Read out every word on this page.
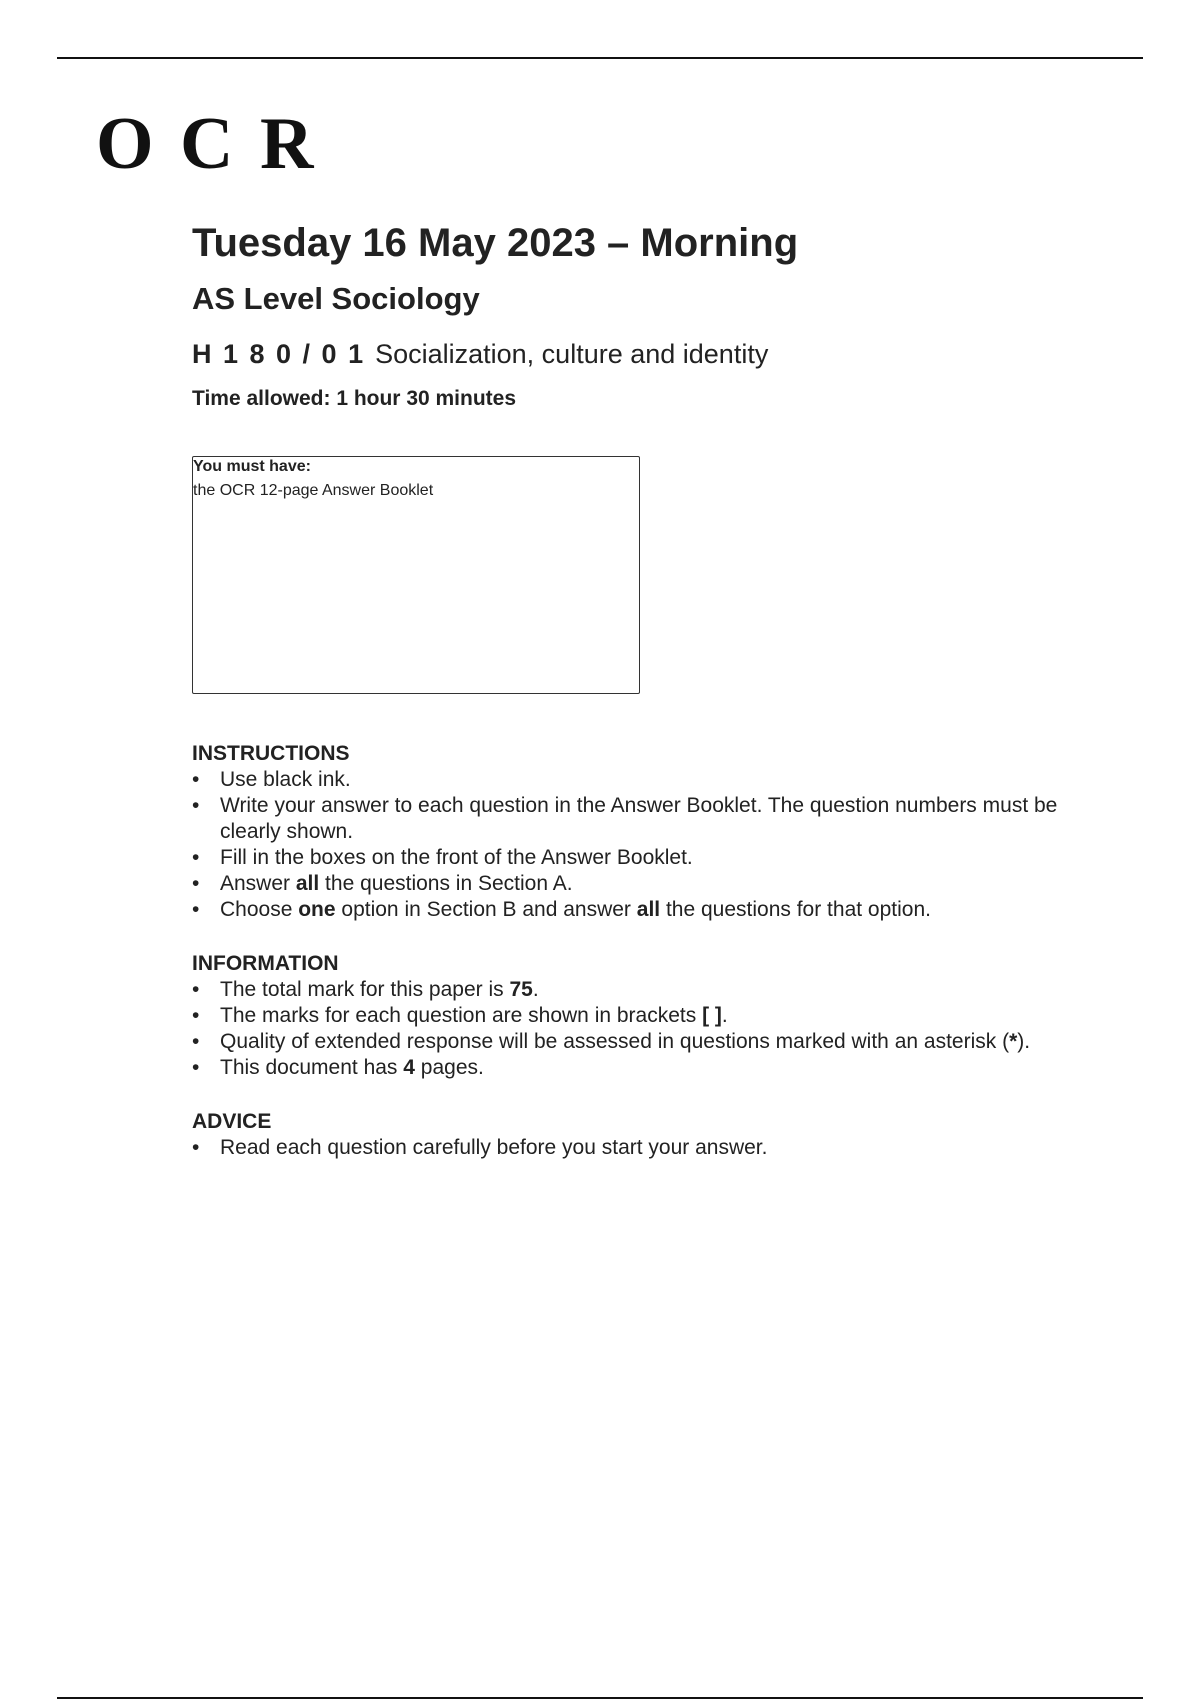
O C R
Tuesday 16 May 2023 – Morning
AS Level Sociology
H 1 8 0 / 0 1 Socialization, culture and identity
Time allowed: 1 hour 30 minutes
You must have:
the OCR 12-page Answer Booklet
INSTRUCTIONS
• Use black ink.
• Write your answer to each question in the Answer Booklet. The question numbers must be clearly shown.
• Fill in the boxes on the front of the Answer Booklet.
• Answer all the questions in Section A.
• Choose one option in Section B and answer all the questions for that option.
INFORMATION
• The total mark for this paper is 75.
• The marks for each question are shown in brackets [ ].
• Quality of extended response will be assessed in questions marked with an asterisk (*).
• This document has 4 pages.
ADVICE
• Read each question carefully before you start your answer.
